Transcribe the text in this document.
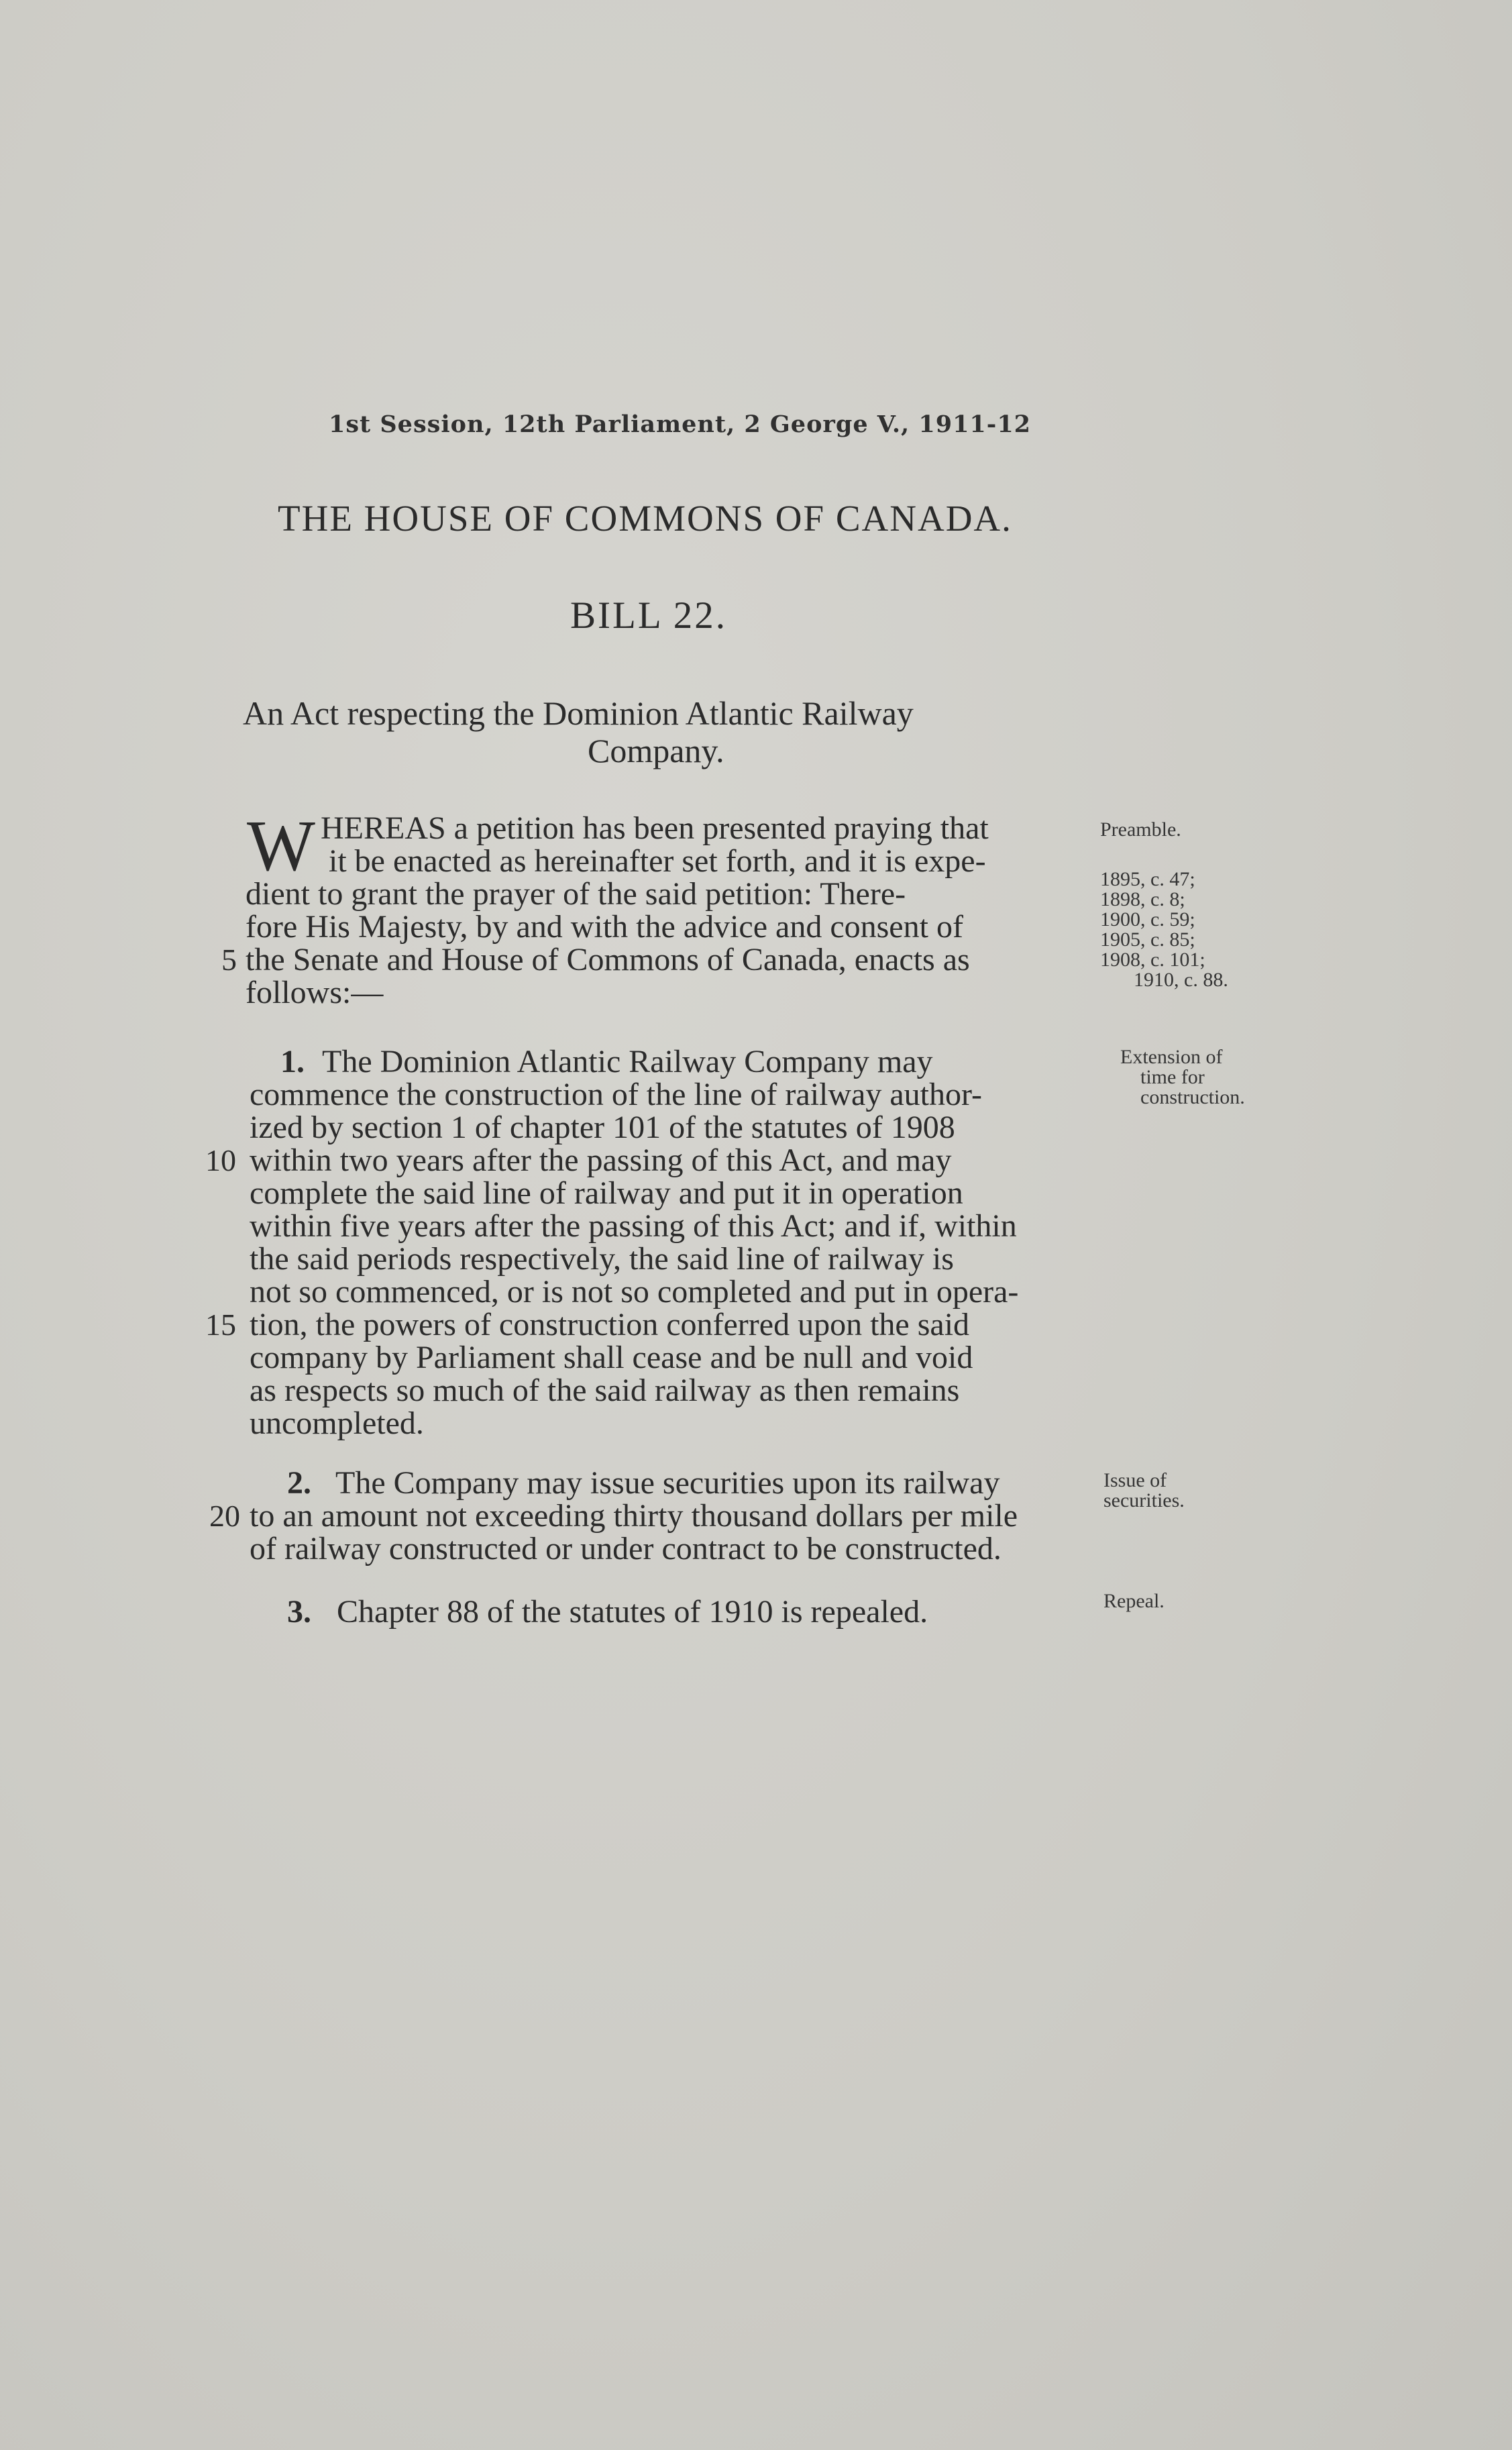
1st Session, 12th Parliament, 2 George V., 1911-12
THE HOUSE OF COMMONS OF CANADA.
BILL 22.
An Act respecting the Dominion Atlantic Railway
Company.
W HEREAS a petition has been presented praying that
it be enacted as hereinafter set forth, and it is expe-
dient to grant the prayer of the said petition: There-
fore His Majesty, by and with the advice and consent of
5 the Senate and House of Commons of Canada, enacts as
follows:—
Preamble.
1895, c. 47;
1898, c. 8;
1900, c. 59;
1905, c. 85;
1908, c. 101;
1910, c. 88.
1. The Dominion Atlantic Railway Company may
commence the construction of the line of railway author-
ized by section 1 of chapter 101 of the statutes of 1908
10 within two years after the passing of this Act, and may
complete the said line of railway and put it in operation
within five years after the passing of this Act; and if, within
the said periods respectively, the said line of railway is
not so commenced, or is not so completed and put in opera-
15 tion, the powers of construction conferred upon the said
company by Parliament shall cease and be null and void
as respects so much of the said railway as then remains
uncompleted.
Extension of
time for
construction.
2. The Company may issue securities upon its railway
20 to an amount not exceeding thirty thousand dollars per mile
of railway constructed or under contract to be constructed.
Issue of
securities.
3. Chapter 88 of the statutes of 1910 is repealed.	Repeal.
